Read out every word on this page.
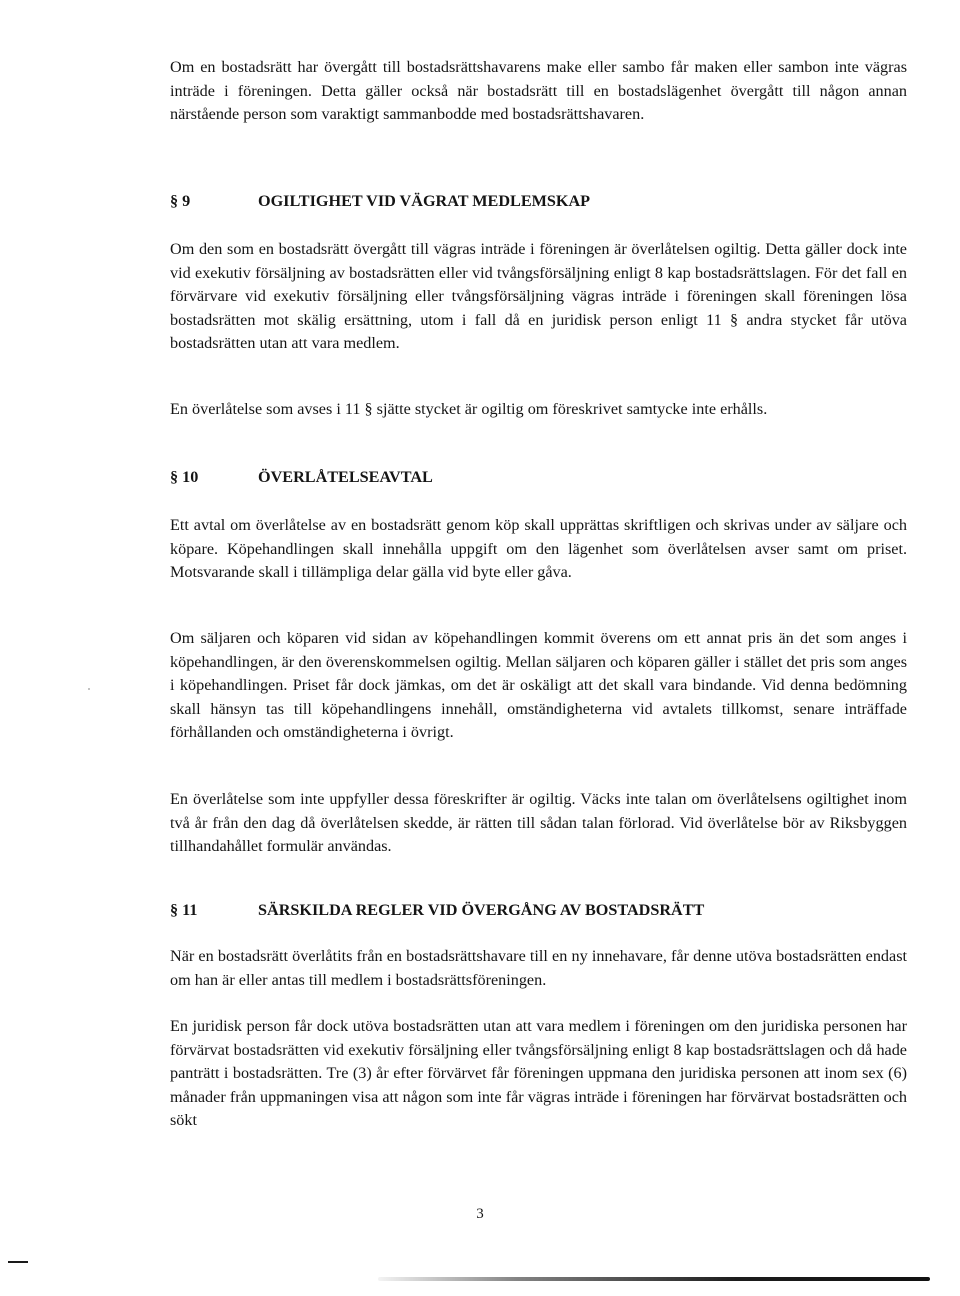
Om en bostadsrätt har övergått till bostadsrättshavarens make eller sambo får maken eller sambon inte vägras inträde i föreningen. Detta gäller också när bostadsrätt till en bostadslägenhet övergått till någon annan närstående person som varaktigt sammanbodde med bostadsrättshavaren.

§ 9	OGILTIGHET VID VÄGRAT MEDLEMSKAP

Om den som en bostadsrätt övergått till vägras inträde i föreningen är överlåtelsen ogiltig. Detta gäller dock inte vid exekutiv försäljning av bostadsrätten eller vid tvångsförsäljning enligt 8 kap bostadsrättslagen. För det fall en förvärvare vid exekutiv försäljning eller tvångsförsäljning vägras inträde i föreningen skall föreningen lösa bostadsrätten mot skälig ersättning, utom i fall då en juridisk person enligt 11 § andra stycket får utöva bostadsrätten utan att vara medlem.

En överlåtelse som avses i 11 § sjätte stycket är ogiltig om föreskrivet samtycke inte erhålls.

§ 10	ÖVERLÅTELSEAVTAL

Ett avtal om överlåtelse av en bostadsrätt genom köp skall upprättas skriftligen och skrivas under av säljare och köpare. Köpehandlingen skall innehålla uppgift om den lägenhet som överlåtelsen avser samt om priset. Motsvarande skall i tillämpliga delar gälla vid byte eller gåva.

Om säljaren och köparen vid sidan av köpehandlingen kommit överens om ett annat pris än det som anges i köpehandlingen, är den överenskommelsen ogiltig. Mellan säljaren och köparen gäller i stället det pris som anges i köpehandlingen. Priset får dock jämkas, om det är oskäligt att det skall vara bindande. Vid denna bedömning skall hänsyn tas till köpehandlingens innehåll, omständigheterna vid avtalets tillkomst, senare inträffade förhållanden och omständigheterna i övrigt.

En överlåtelse som inte uppfyller dessa föreskrifter är ogiltig. Väcks inte talan om överlåtelsens ogiltighet inom två år från den dag då överlåtelsen skedde, är rätten till sådan talan förlorad. Vid överlåtelse bör av Riksbyggen tillhandahållet formulär användas.

§ 11	SÄRSKILDA REGLER VID ÖVERGÅNG AV BOSTADSRÄTT

När en bostadsrätt överlåtits från en bostadsrättshavare till en ny innehavare, får denne utöva bostadsrätten endast om han är eller antas till medlem i bostadsrättsföreningen.

En juridisk person får dock utöva bostadsrätten utan att vara medlem i föreningen om den juridiska personen har förvärvat bostadsrätten vid exekutiv försäljning eller tvångsförsäljning enligt 8 kap bostadsrättslagen och då hade panträtt i bostadsrätten. Tre (3) år efter förvärvet får föreningen uppmana den juridiska personen att inom sex (6) månader från uppmaningen visa att någon som inte får vägras inträde i föreningen har förvärvat bostadsrätten och sökt

3
